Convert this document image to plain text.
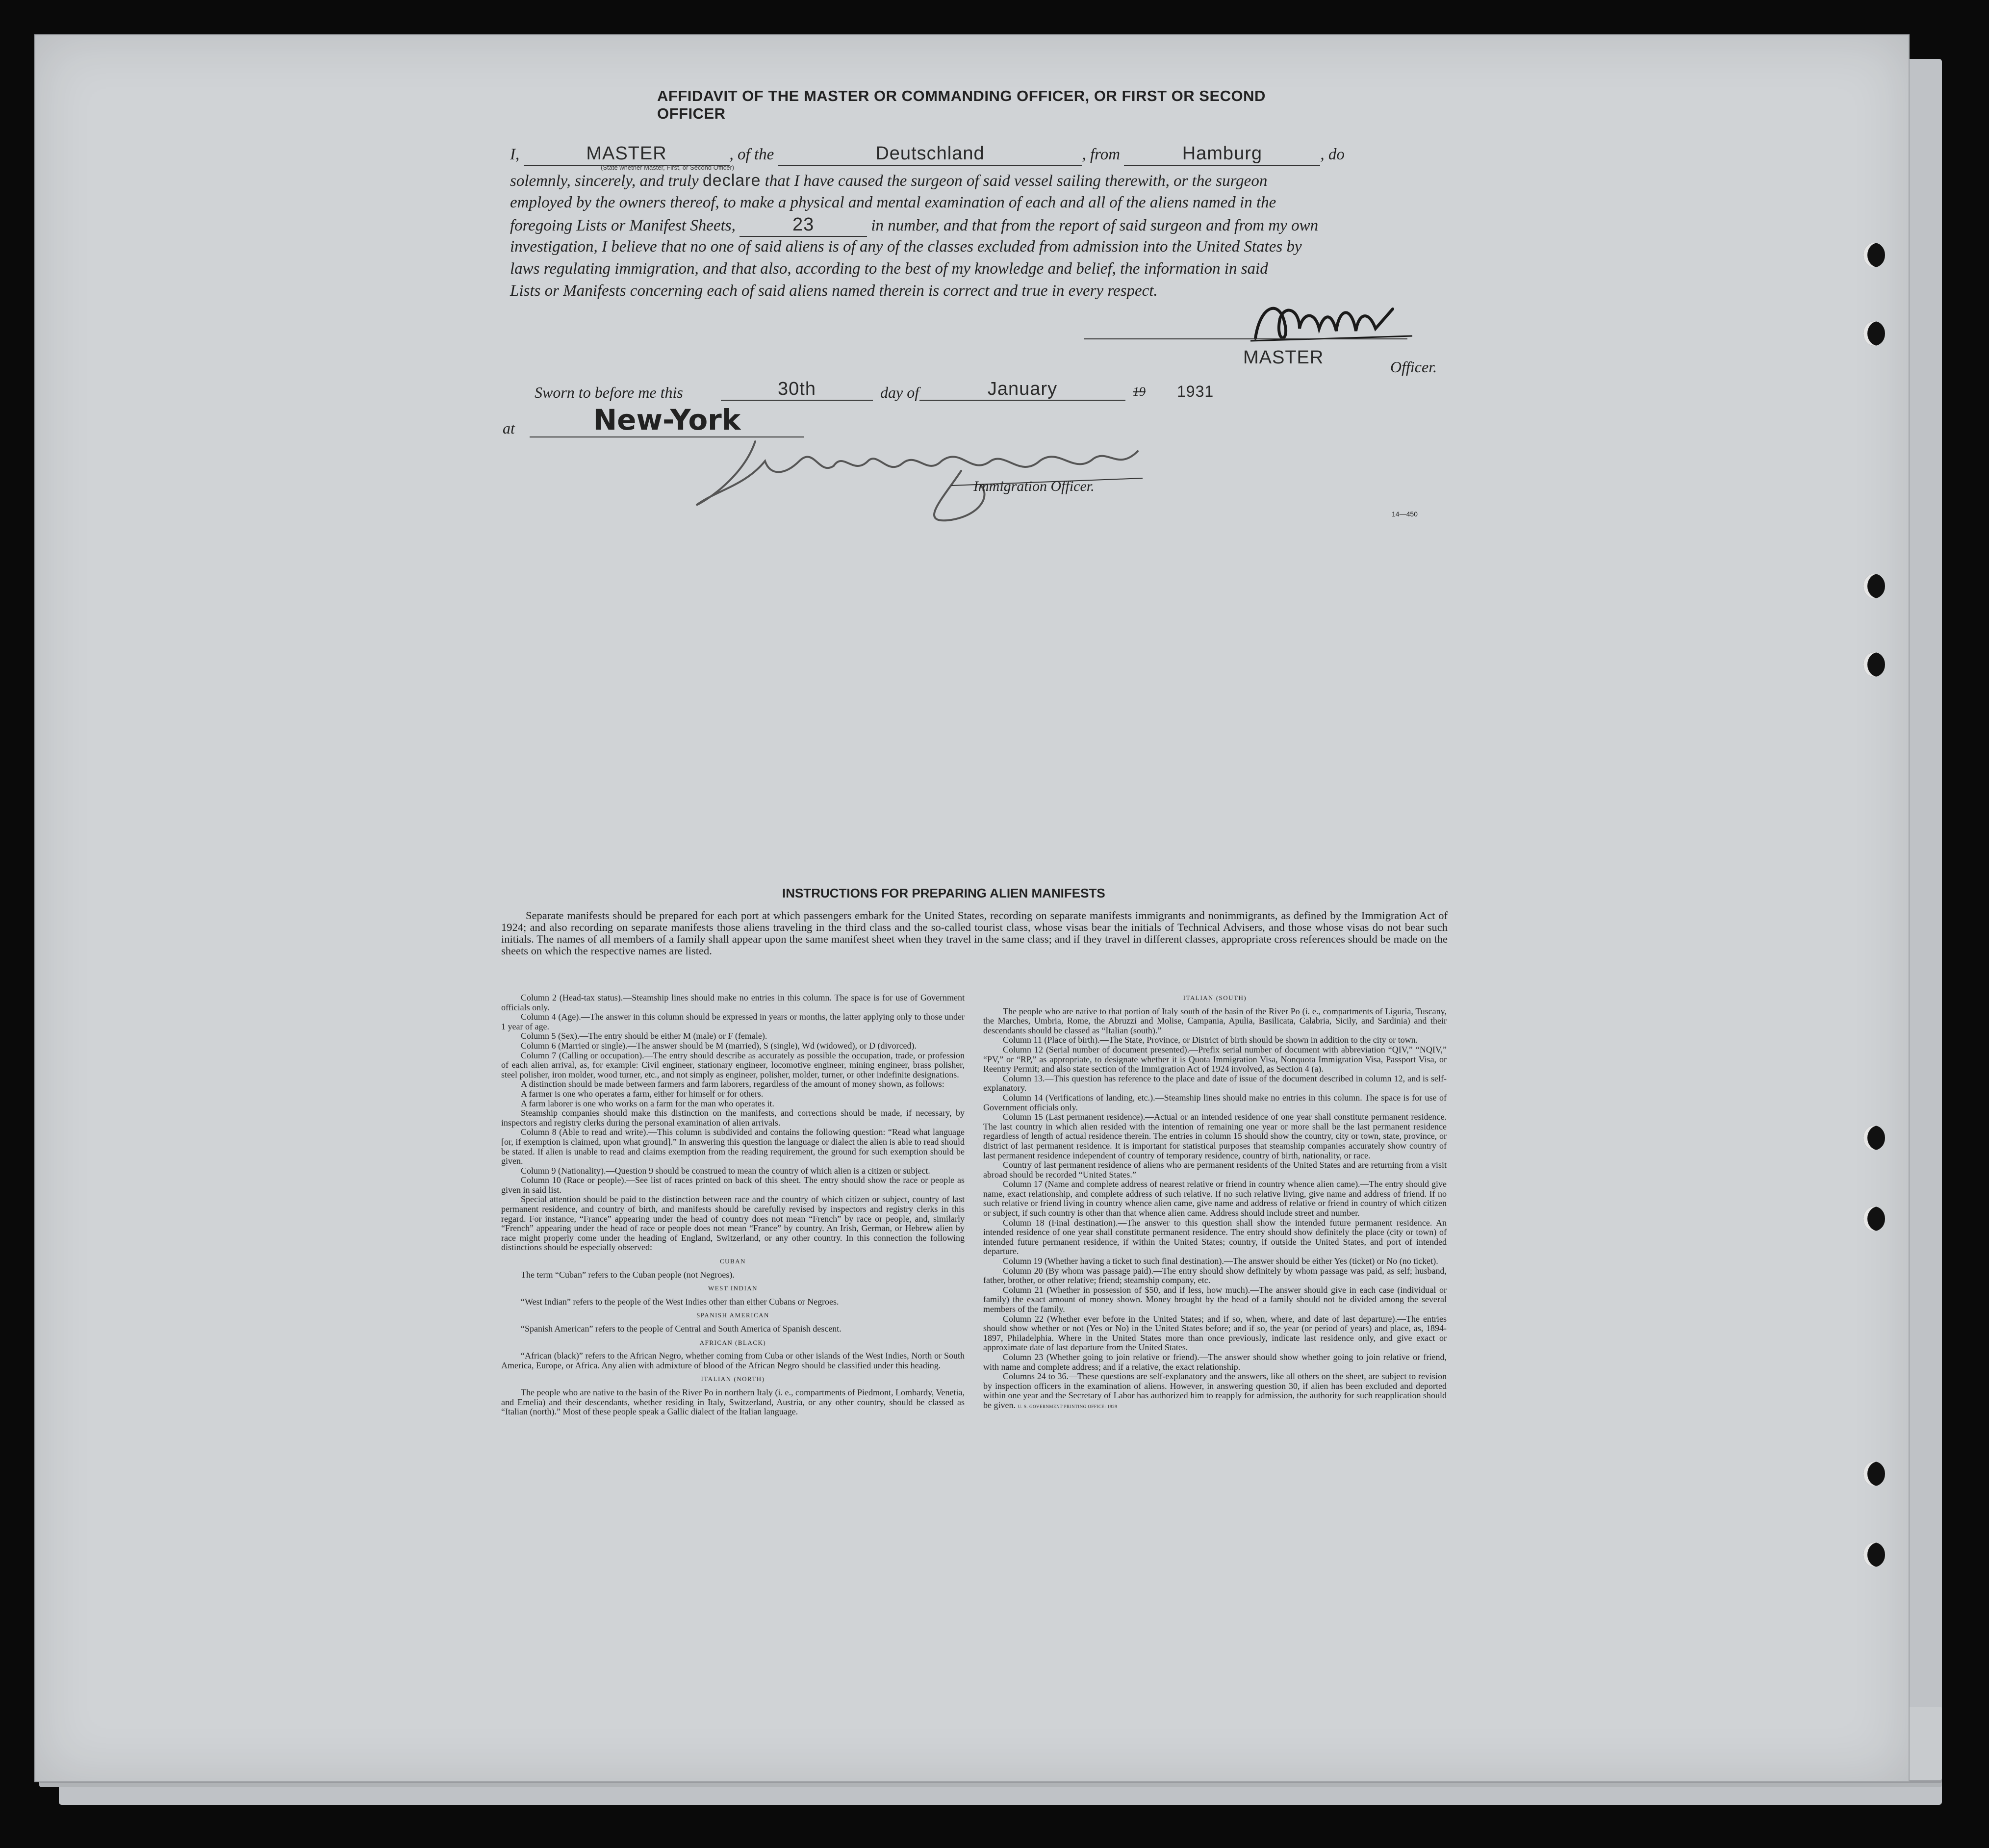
AFFIDAVIT OF THE MASTER OR COMMANDING OFFICER, OR FIRST OR SECOND OFFICER
I,	MASTER	, of the	Deutschland	, from	Hamburg	, do
(State whether Master, First, or Second Officer)
solemnly, sincerely, and truly declare that I have caused the surgeon of said vessel sailing therewith, or the surgeon
employed by the owners thereof, to make a physical and mental examination of each and all of the aliens named in the
foregoing Lists or Manifest Sheets,	23	in number, and that from the report of said surgeon and from my own
investigation, I believe that no one of said aliens is of any of the classes excluded from admission into the United States by
laws regulating immigration, and that also, according to the best of my knowledge and belief, the information in said
Lists or Manifests concerning each of said aliens named therein is correct and true in every respect.
MASTER	Officer.
Sworn to before me this	30th	day of	January	19 1931
at	New-York
Immigration Officer.
14—450
INSTRUCTIONS FOR PREPARING ALIEN MANIFESTS
Separate manifests should be prepared for each port at which passengers embark for the United States, recording on separate manifests immigrants and nonimmigrants, as defined by the Immigration Act of 1924; and also recording on separate manifests those aliens traveling in the third class and the so-called tourist class, whose visas bear the initials of Technical Advisers, and those whose visas do not bear such initials. The names of all members of a family shall appear upon the same manifest sheet when they travel in the same class; and if they travel in different classes, appropriate cross references should be made on the sheets on which the respective names are listed.

Column 2 (Head-tax status).—Steamship lines should make no entries in this column. The space is for use of Government officials only.

Column 4 (Age).—The answer in this column should be expressed in years or months, the latter applying only to those under 1 year of age.

Column 5 (Sex).—The entry should be either M (male) or F (female).

Column 6 (Married or single).—The answer should be M (married), S (single), Wd (widowed), or D (divorced).

Column 7 (Calling or occupation).—The entry should describe as accurately as possible the occupation, trade, or profession of each alien arrival, as, for example: Civil engineer, stationary engineer, locomotive engineer, mining engineer, brass polisher, steel polisher, iron molder, wood turner, etc., and not simply as engineer, polisher, molder, turner, or other indefinite designations.

A distinction should be made between farmers and farm laborers, regardless of the amount of money shown, as follows:

A farmer is one who operates a farm, either for himself or for others.

A farm laborer is one who works on a farm for the man who operates it.

Steamship companies should make this distinction on the manifests, and corrections should be made, if necessary, by inspectors and registry clerks during the personal examination of alien arrivals.

Column 8 (Able to read and write).—This column is subdivided and contains the following question: “Read what language [or, if exemption is claimed, upon what ground].” In answering this question the language or dialect the alien is able to read should be stated. If alien is unable to read and claims exemption from the reading requirement, the ground for such exemption should be given.

Column 9 (Nationality).—Question 9 should be construed to mean the country of which alien is a citizen or subject.

Column 10 (Race or people).—See list of races printed on back of this sheet. The entry should show the race or people as given in said list.

Special attention should be paid to the distinction between race and the country of which citizen or subject, country of last permanent residence, and country of birth, and manifests should be carefully revised by inspectors and registry clerks in this regard. For instance, “France” appearing under the head of country does not mean “French” by race or people, and, similarly “French” appearing under the head of race or people does not mean “France” by country. An Irish, German, or Hebrew alien by race might properly come under the heading of England, Switzerland, or any other country. In this connection the following distinctions should be especially observed:

CUBAN

The term “Cuban” refers to the Cuban people (not Negroes).

WEST INDIAN

“West Indian” refers to the people of the West Indies other than either Cubans or Negroes.

SPANISH AMERICAN

“Spanish American” refers to the people of Central and South America of Spanish descent.

AFRICAN (BLACK)

“African (black)” refers to the African Negro, whether coming from Cuba or other islands of the West Indies, North or South America, Europe, or Africa. Any alien with admixture of blood of the African Negro should be classified under this heading.

ITALIAN (NORTH)

The people who are native to the basin of the River Po in northern Italy (i. e., compartments of Piedmont, Lombardy, Venetia, and Emelia) and their descendants, whether residing in Italy, Switzerland, Austria, or any other country, should be classed as “Italian (north).” Most of these people speak a Gallic dialect of the Italian language.

ITALIAN (SOUTH)

The people who are native to that portion of Italy south of the basin of the River Po (i. e., compartments of Liguria, Tuscany, the Marches, Umbria, Rome, the Abruzzi and Molise, Campania, Apulia, Basilicata, Calabria, Sicily, and Sardinia) and their descendants should be classed as “Italian (south).”

Column 11 (Place of birth).—The State, Province, or District of birth should be shown in addition to the city or town.

Column 12 (Serial number of document presented).—Prefix serial number of document with abbreviation “QIV,” “NQIV,” “PV,” or “RP,” as appropriate, to designate whether it is Quota Immigration Visa, Nonquota Immigration Visa, Passport Visa, or Reentry Permit; and also state section of the Immigration Act of 1924 involved, as Section 4 (a).

Column 13.—This question has reference to the place and date of issue of the document described in column 12, and is self-explanatory.

Column 14 (Verifications of landing, etc.).—Steamship lines should make no entries in this column. The space is for use of Government officials only.

Column 15 (Last permanent residence).—Actual or an intended residence of one year shall constitute permanent residence. The last country in which alien resided with the intention of remaining one year or more shall be the last permanent residence regardless of length of actual residence therein. The entries in column 15 should show the country, city or town, state, province, or district of last permanent residence. It is important for statistical purposes that steamship companies accurately show country of last permanent residence independent of country of temporary residence, country of birth, nationality, or race.

Country of last permanent residence of aliens who are permanent residents of the United States and are returning from a visit abroad should be recorded “United States.”

Column 17 (Name and complete address of nearest relative or friend in country whence alien came).—The entry should give name, exact relationship, and complete address of such relative. If no such relative living, give name and address of friend. If no such relative or friend living in country whence alien came, give name and address of relative or friend in country of which citizen or subject, if such country is other than that whence alien came. Address should include street and number.

Column 18 (Final destination).—The answer to this question shall show the intended future permanent residence. An intended residence of one year shall constitute permanent residence. The entry should show definitely the place (city or town) of intended future permanent residence, if within the United States; country, if outside the United States, and port of intended departure.

Column 19 (Whether having a ticket to such final destination).—The answer should be either Yes (ticket) or No (no ticket).

Column 20 (By whom was passage paid).—The entry should show definitely by whom passage was paid, as self; husband, father, brother, or other relative; friend; steamship company, etc.

Column 21 (Whether in possession of $50, and if less, how much).—The answer should give in each case (individual or family) the exact amount of money shown. Money brought by the head of a family should not be divided among the several members of the family.

Column 22 (Whether ever before in the United States; and if so, when, where, and date of last departure).—The entries should show whether or not (Yes or No) in the United States before; and if so, the year (or period of years) and place, as, 1894-1897, Philadelphia. Where in the United States more than once previously, indicate last residence only, and give exact or approximate date of last departure from the United States.

Column 23 (Whether going to join relative or friend).—The answer should show whether going to join relative or friend, with name and complete address; and if a relative, the exact relationship.

Columns 24 to 36.—These questions are self-explanatory and the answers, like all others on the sheet, are subject to revision by inspection officers in the examination of aliens. However, in answering question 30, if alien has been excluded and deported within one year and the Secretary of Labor has authorized him to reapply for admission, the authority for such reapplication should be given. U. S. GOVERNMENT PRINTING OFFICE: 1929
